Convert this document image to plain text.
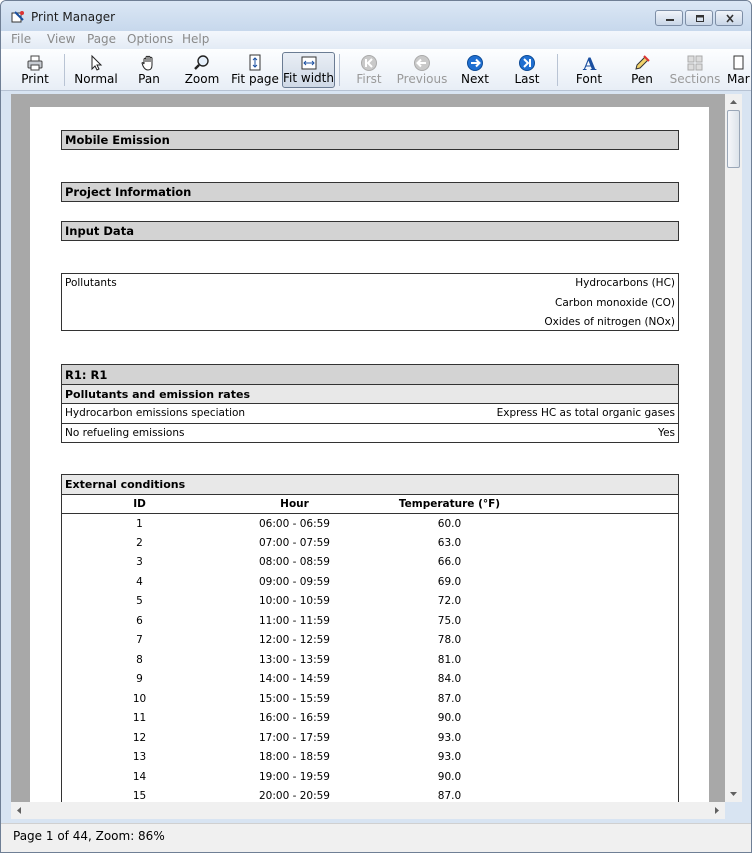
Print Manager
File View Page Options Help
Print	Normal	Pan	Zoom Fit page Fit width	First	Previous	Next	Last
A
Font	Pen	Sections Mar
Mobile Emission
Project Information
Input Data
Pollutants	Hydrocarbons (HC)
Carbon monoxide (CO)
Oxides of nitrogen (NOx)
R1: R1
Pollutants and emission rates
Hydrocarbon emissions speciation	Express HC as total organic gases
No refueling emissions	Yes
External conditions
ID	Hour	Temperature (°F)	
1	06:00 - 06:59	60.0	
2	07:00 - 07:59	63.0	
3	08:00 - 08:59	66.0	
4	09:00 - 09:59	69.0	
5	10:00 - 10:59	72.0	
6	11:00 - 11:59	75.0	
7	12:00 - 12:59	78.0	
8	13:00 - 13:59	81.0	
9	14:00 - 14:59	84.0	
10	15:00 - 15:59	87.0	
11	16:00 - 16:59	90.0	
12	17:00 - 17:59	93.0	
13	18:00 - 18:59	93.0	
14	19:00 - 19:59	90.0	
15	20:00 - 20:59	87.0	
Page 1 of 44, Zoom: 86%
